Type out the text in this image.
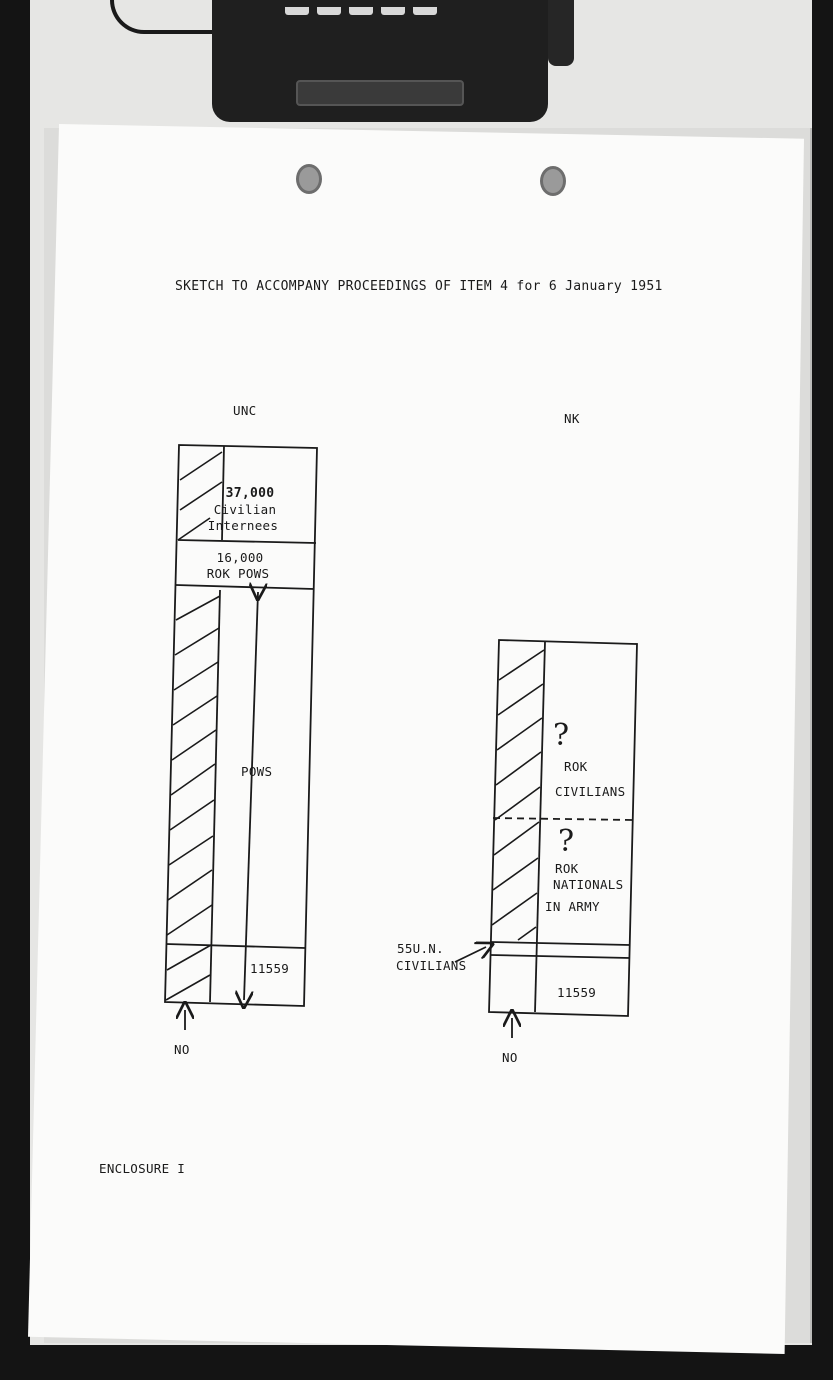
SKETCH TO ACCOMPANY PROCEEDINGS OF ITEM 4 for 6 January 1951
UNC
NK
37,000
Civilian
Internees
16,000
ROK POWS
POWS
11559
NO
?
ROK
CIVILIANS
?
ROK
NATIONALS
IN ARMY
55U.N.
CIVILIANS
11559
NO
ENCLOSURE I
